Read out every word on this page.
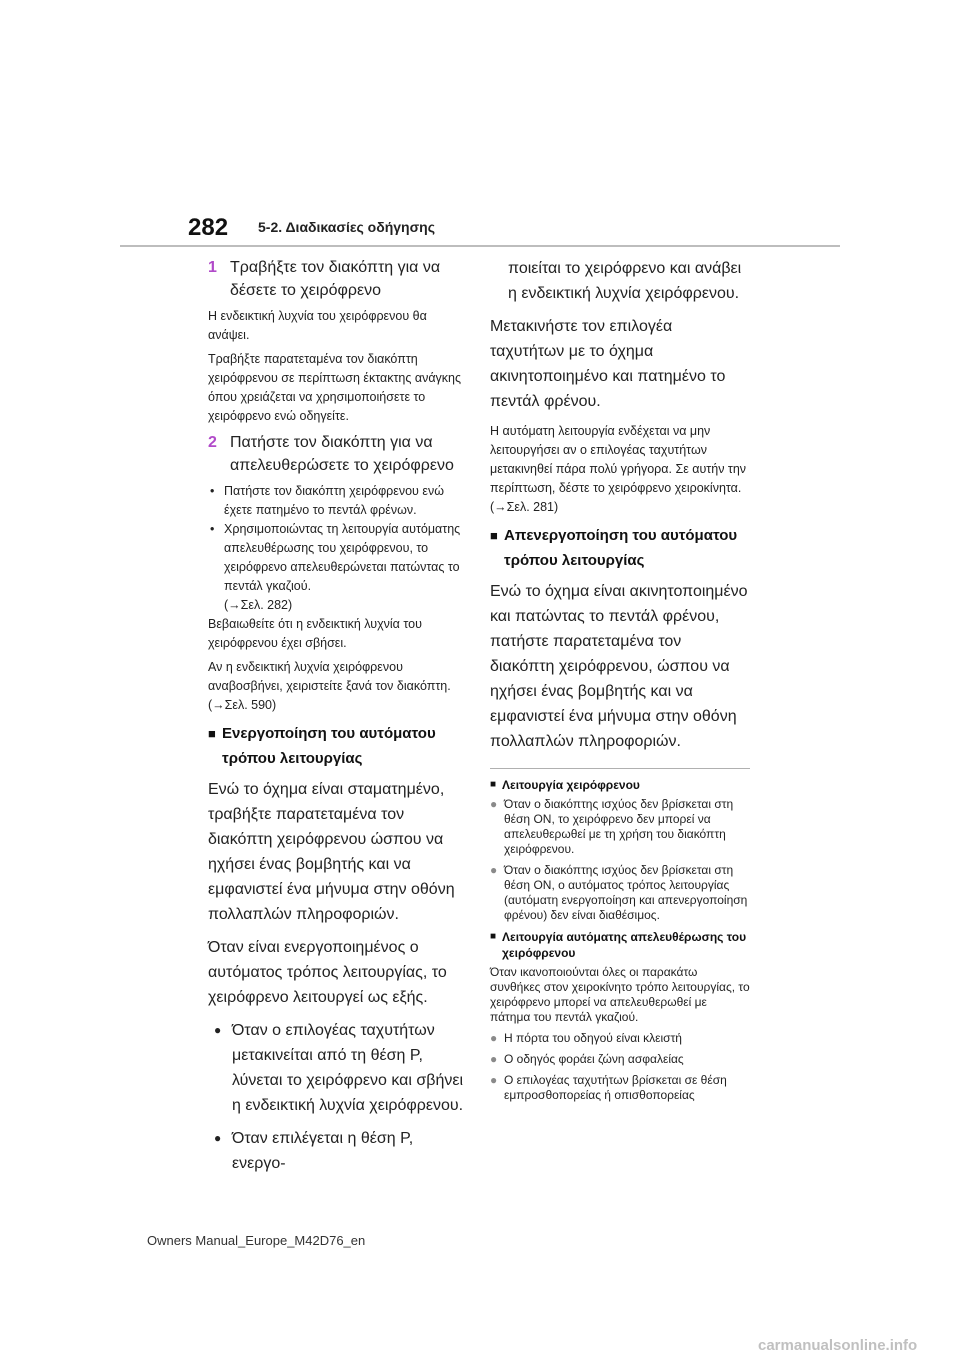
282 5-2. Διαδικασίες οδήγησης
1 Τραβήξτε τον διακόπτη για να δέσετε το χειρόφρενο

Η ενδεικτική λυχνία του χειρόφρενου θα ανάψει.

Τραβήξτε παρατεταμένα τον διακόπτη χειρόφρενου σε περίπτωση έκτακτης ανάγκης όπου χρειάζεται να χρησιμοποιήσετε το χειρόφρενο ενώ οδηγείτε.

2 Πατήστε τον διακόπτη για να απελευθερώσετε το χειρόφρενο
• Πατήστε τον διακόπτη χειρόφρενου ενώ έχετε πατημένο το πεντάλ φρένων.
• Χρησιμοποιώντας τη λειτουργία αυτόματης απελευθέρωσης του χειρόφρενου, το χειρόφρενο απελευθερώνεται πατώντας το πεντάλ γκαζιού.
(→Σελ. 282)

Βεβαιωθείτε ότι η ενδεικτική λυχνία του χειρόφρενου έχει σβήσει.

Αν η ενδεικτική λυχνία χειρόφρενου αναβοσβήνει, χειριστείτε ξανά τον διακόπτη. (→Σελ. 590)

■ Ενεργοποίηση του αυτόματου τρόπου λειτουργίας

Ενώ το όχημα είναι σταματημένο, τραβήξτε παρατεταμένα τον διακόπτη χειρόφρενου ώσπου να ηχήσει ένας βομβητής και να εμφανιστεί ένα μήνυμα στην οθόνη πολλαπλών πληροφοριών.

Όταν είναι ενεργοποιημένος ο αυτόματος τρόπος λειτουργίας, το χειρόφρενο λειτουργεί ως εξής.

● Όταν ο επιλογέας ταχυτήτων μετακινείται από τη θέση P, λύνεται το χειρόφρενο και σβήνει η ενδεικτική λυχνία χειρόφρενου.
● Όταν επιλέγεται η θέση P, ενεργο-

ποιείται το χειρόφρενο και ανάβει η ενδεικτική λυχνία χειρόφρενου.

Μετακινήστε τον επιλογέα ταχυτήτων με το όχημα ακινητοποιημένο και πατημένο το πεντάλ φρένου.

Η αυτόματη λειτουργία ενδέχεται να μην λειτουργήσει αν ο επιλογέας ταχυτήτων μετακινηθεί πάρα πολύ γρήγορα. Σε αυτήν την περίπτωση, δέστε το χειρόφρενο χειροκίνητα. (→Σελ. 281)

■ Απενεργοποίηση του αυτόματου τρόπου λειτουργίας

Ενώ το όχημα είναι ακινητοποιημένο και πατώντας το πεντάλ φρένου, πατήστε παρατεταμένα τον διακόπτη χειρόφρενου, ώσπου να ηχήσει ένας βομβητής και να εμφανιστεί ένα μήνυμα στην οθόνη πολλαπλών πληροφοριών.

■ Λειτουργία χειρόφρενου
● Όταν ο διακόπτης ισχύος δεν βρίσκεται στη θέση ON, το χειρόφρενο δεν μπορεί να απελευθερωθεί με τη χρήση του διακόπτη χειρόφρενου.
● Όταν ο διακόπτης ισχύος δεν βρίσκεται στη θέση ON, ο αυτόματος τρόπος λειτουργίας (αυτόματη ενεργοποίηση και απενεργοποίηση φρένου) δεν είναι διαθέσιμος.
■ Λειτουργία αυτόματης απελευθέρωσης του χειρόφρενου

Όταν ικανοποιούνται όλες οι παρακάτω συνθήκες στον χειροκίνητο τρόπο λειτουργίας, το χειρόφρενο μπορεί να απελευθερωθεί με πάτημα του πεντάλ γκαζιού.

● Η πόρτα του οδηγού είναι κλειστή
● Ο οδηγός φοράει ζώνη ασφαλείας
● Ο επιλογέας ταχυτήτων βρίσκεται σε θέση εμπροσθοπορείας ή οπισθοπορείας
Owners Manual_Europe_M42D76_en
carmanualsonline.info
